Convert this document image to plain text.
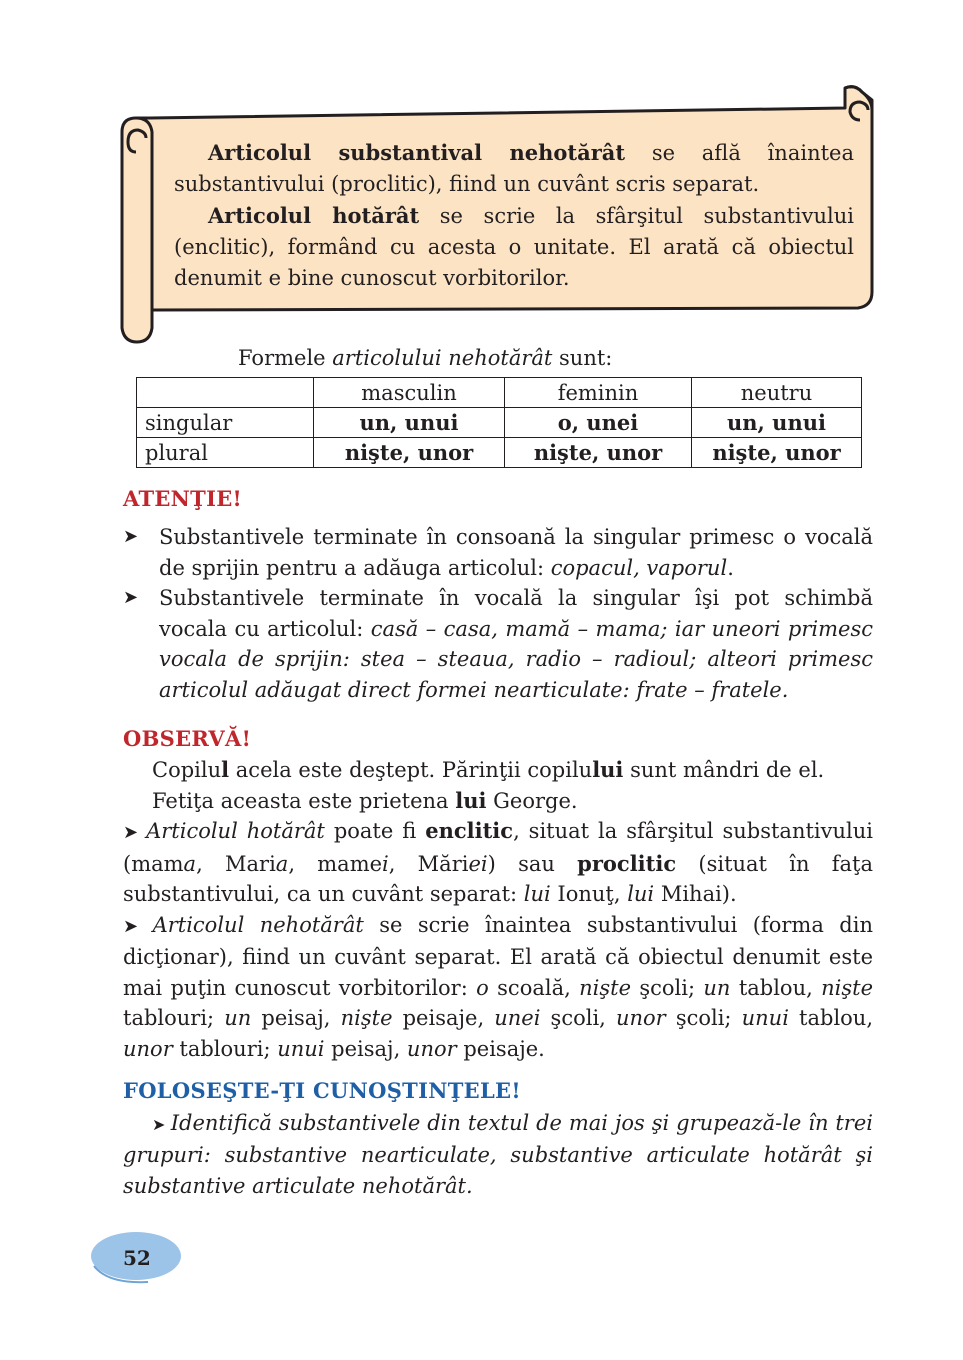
Articolul substantival nehotărât se află înaintea substantivului (proclitic), fiind un cuvânt scris separat.

Articolul hotărât se scrie la sfârşitul substantivului (enclitic), formând cu acesta o unitate. El arată că obiectul denumit e bine cunoscut vorbitorilor.

Formele articolului nehotărât sunt:
	masculin	feminin	neutru
singular	un, unui	o, unei	un, unui
plural	nişte, unor	nişte, unor	nişte, unor
ATENŢIE!
➤ Substantivele terminate în consoană la singular primesc o vocală de sprijin pentru a adăuga articolul: copacul, vaporul.
➤ Substantivele terminate în vocală la singular îşi pot schimbă vocala cu articolul: casă – casa, mamă – mama; iar uneori primesc vocala de sprijin: stea – steaua, radio – radioul; alteori primesc articolul adăugat direct formei nearticulate: frate – fratele.
OBSERVĂ!

Copilul acela este deştept. Părinţii copilului sunt mândri de el.

Fetiţa aceasta este prietena lui George.

➤ Articolul hotărât poate fi enclitic, situat la sfârşitul substantivului (mama, Maria, mamei, Măriei) sau proclitic (situat în faţa substantivului, ca un cuvânt separat: lui Ionuţ, lui Mihai).

➤ Articolul nehotărât se scrie înaintea substantivului (forma din dicţionar), fiind un cuvânt separat. El arată că obiectul denumit este mai puţin cunoscut vorbitorilor: o scoală, nişte şcoli; un tablou, nişte tablouri; un peisaj, nişte peisaje, unei şcoli, unor şcoli; unui tablou, unor tablouri; unui peisaj, unor peisaje.

FOLOSEŞTE-ŢI CUNOŞTINŢELE!
➤ Identifică substantivele din textul de mai jos şi grupează-le în trei grupuri: substantive nearticulate, substantive articulate hotărât şi substantive articulate nehotărât.
52
